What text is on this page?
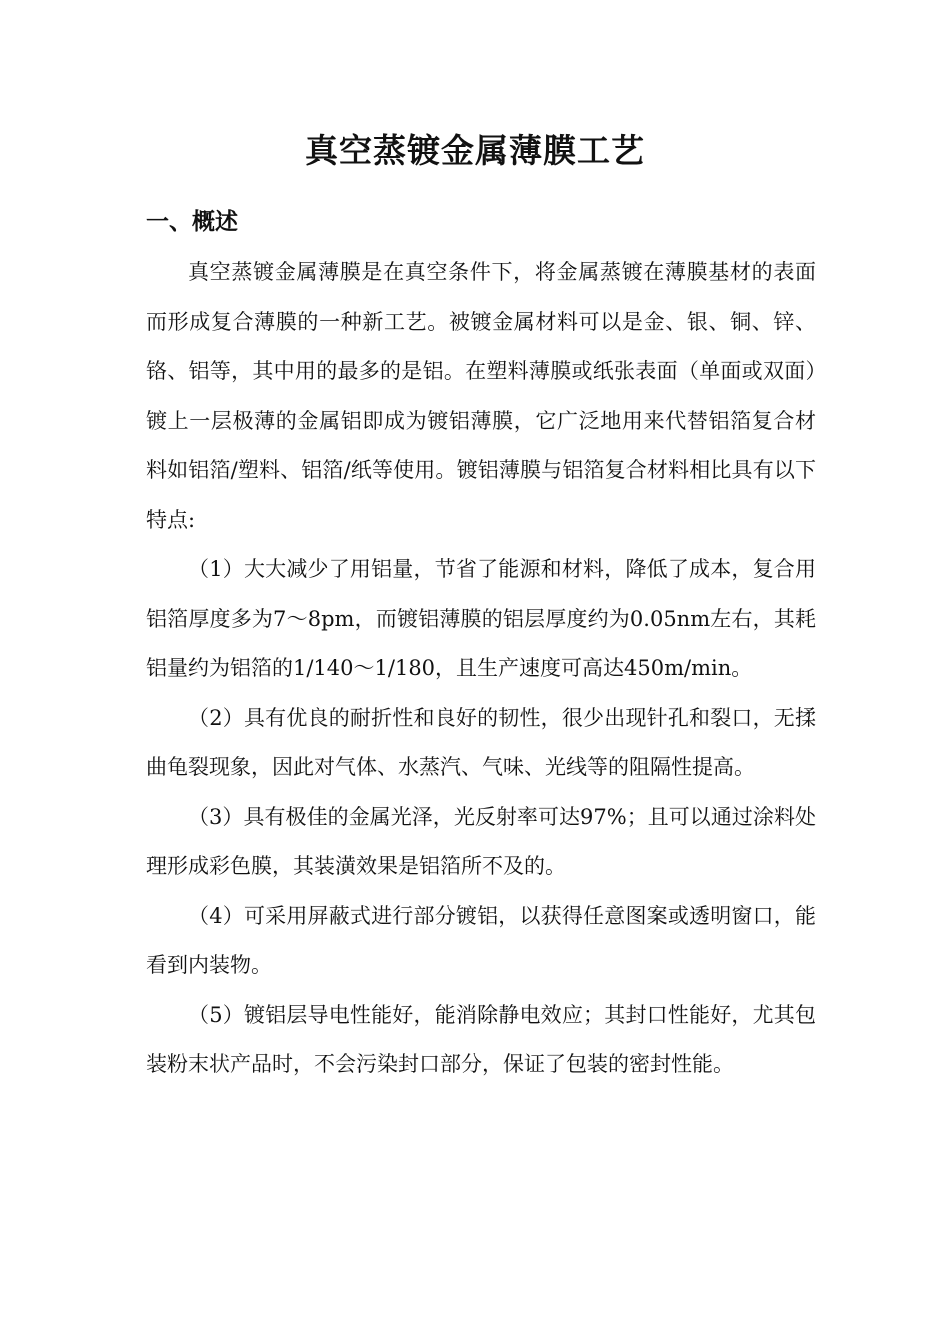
真空蒸镀金属薄膜工艺
一、概述

真空蒸镀金属薄膜是在真空条件下，将金属蒸镀在薄膜基材的表面而形成复合薄膜的一种新工艺。被镀金属材料可以是金、银、铜、锌、铬、铝等，其中用的最多的是铝。在塑料薄膜或纸张表面（单面或双面）镀上一层极薄的金属铝即成为镀铝薄膜，它广泛地用来代替铝箔复合材料如铝箔/塑料、铝箔/纸等使用。镀铝薄膜与铝箔复合材料相比具有以下特点:

（1）大大减少了用铝量，节省了能源和材料，降低了成本，复合用铝箔厚度多为7～8pm，而镀铝薄膜的铝层厚度约为0.05nm左右，其耗铝量约为铝箔的1/140～1/180，且生产速度可高达450m/min。

（2）具有优良的耐折性和良好的韧性，很少出现针孔和裂口，无揉曲龟裂现象，因此对气体、水蒸汽、气味、光线等的阻隔性提高。

（3）具有极佳的金属光泽，光反射率可达97%；且可以通过涂料处理形成彩色膜，其装潢效果是铝箔所不及的。

（4）可采用屏蔽式进行部分镀铝，以获得任意图案或透明窗口，能看到内装物。

（5）镀铝层导电性能好，能消除静电效应；其封口性能好，尤其包装粉末状产品时，不会污染封口部分，保证了包装的密封性能。
